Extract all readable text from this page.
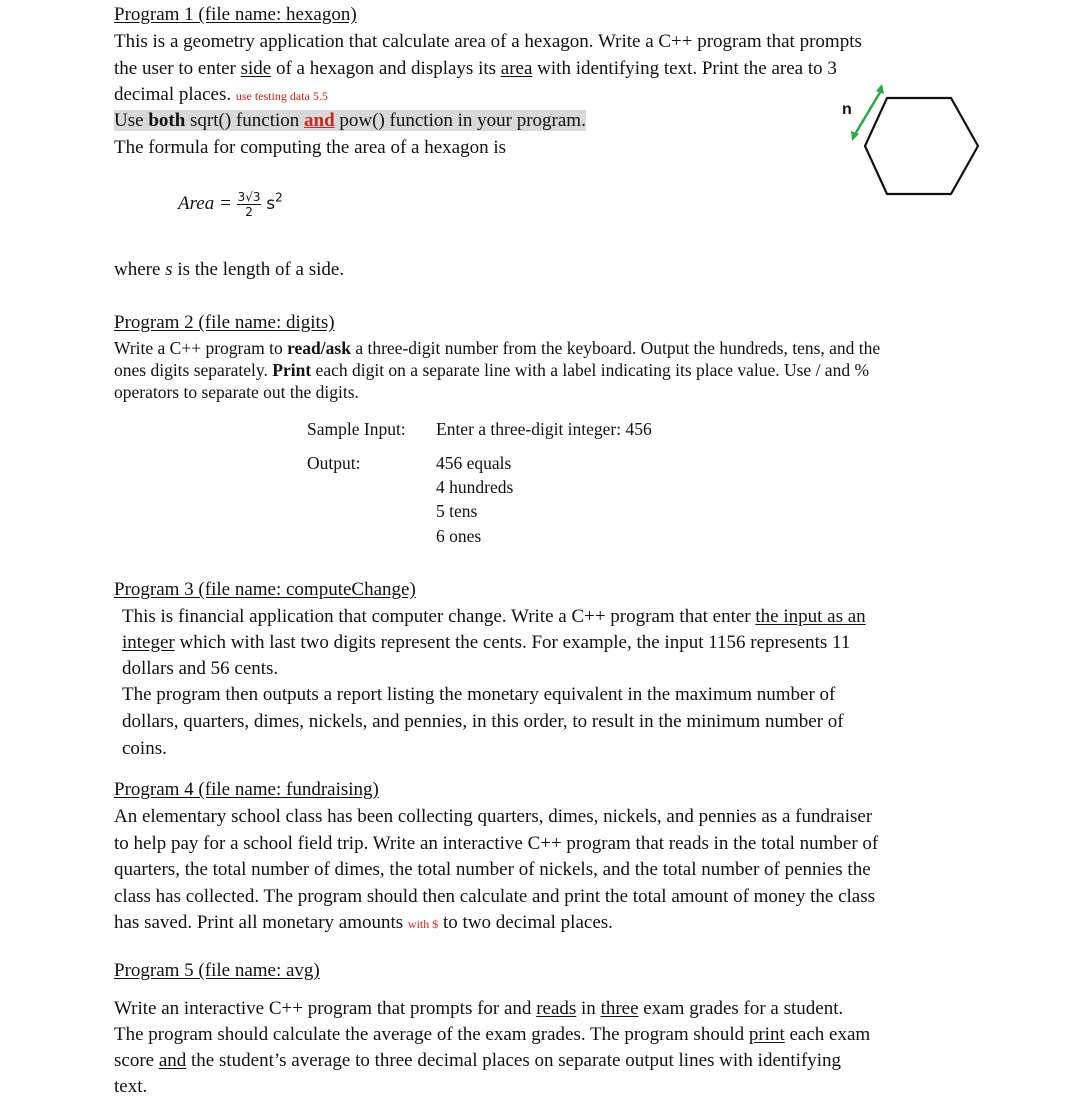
Program 1 (file name: hexagon)
This is a geometry application that calculate area of a hexagon. Write a C++ program that prompts
the user to enter side of a hexagon and displays its area with identifying text. Print the area to 3
decimal places. use testing data 5.5
Use both sqrt() function and pow() function in your program.
The formula for computing the area of a hexagon is
Area = $\frac{3√3}{2} s^2$
where s is the length of a side.
n
Program 2 (file name: digits)
Write a C++ program to read/ask a three-digit number from the keyboard. Output the hundreds, tens, and the
ones digits separately. Print each digit on a separate line with a label indicating its place value. Use / and %
operators to separate out the digits.
Sample Input: Enter a three-digit integer: 456
Output:	456 equals
4 hundreds
5 tens
6 ones
Program 3 (file name: computeChange)
This is financial application that computer change. Write a C++ program that enter the input as an
integer which with last two digits represent the cents. For example, the input 1156 represents 11
dollars and 56 cents.
The program then outputs a report listing the monetary equivalent in the maximum number of
dollars, quarters, dimes, nickels, and pennies, in this order, to result in the minimum number of
coins.
Program 4 (file name: fundraising)
An elementary school class has been collecting quarters, dimes, nickels, and pennies as a fundraiser
to help pay for a school field trip. Write an interactive C++ program that reads in the total number of
quarters, the total number of dimes, the total number of nickels, and the total number of pennies the
class has collected. The program should then calculate and print the total amount of money the class
has saved. Print all monetary amounts with $ to two decimal places.
Program 5 (file name: avg)
Write an interactive C++ program that prompts for and reads in three exam grades for a student.
The program should calculate the average of the exam grades. The program should print each exam
score and the student’s average to three decimal places on separate output lines with identifying
text.
